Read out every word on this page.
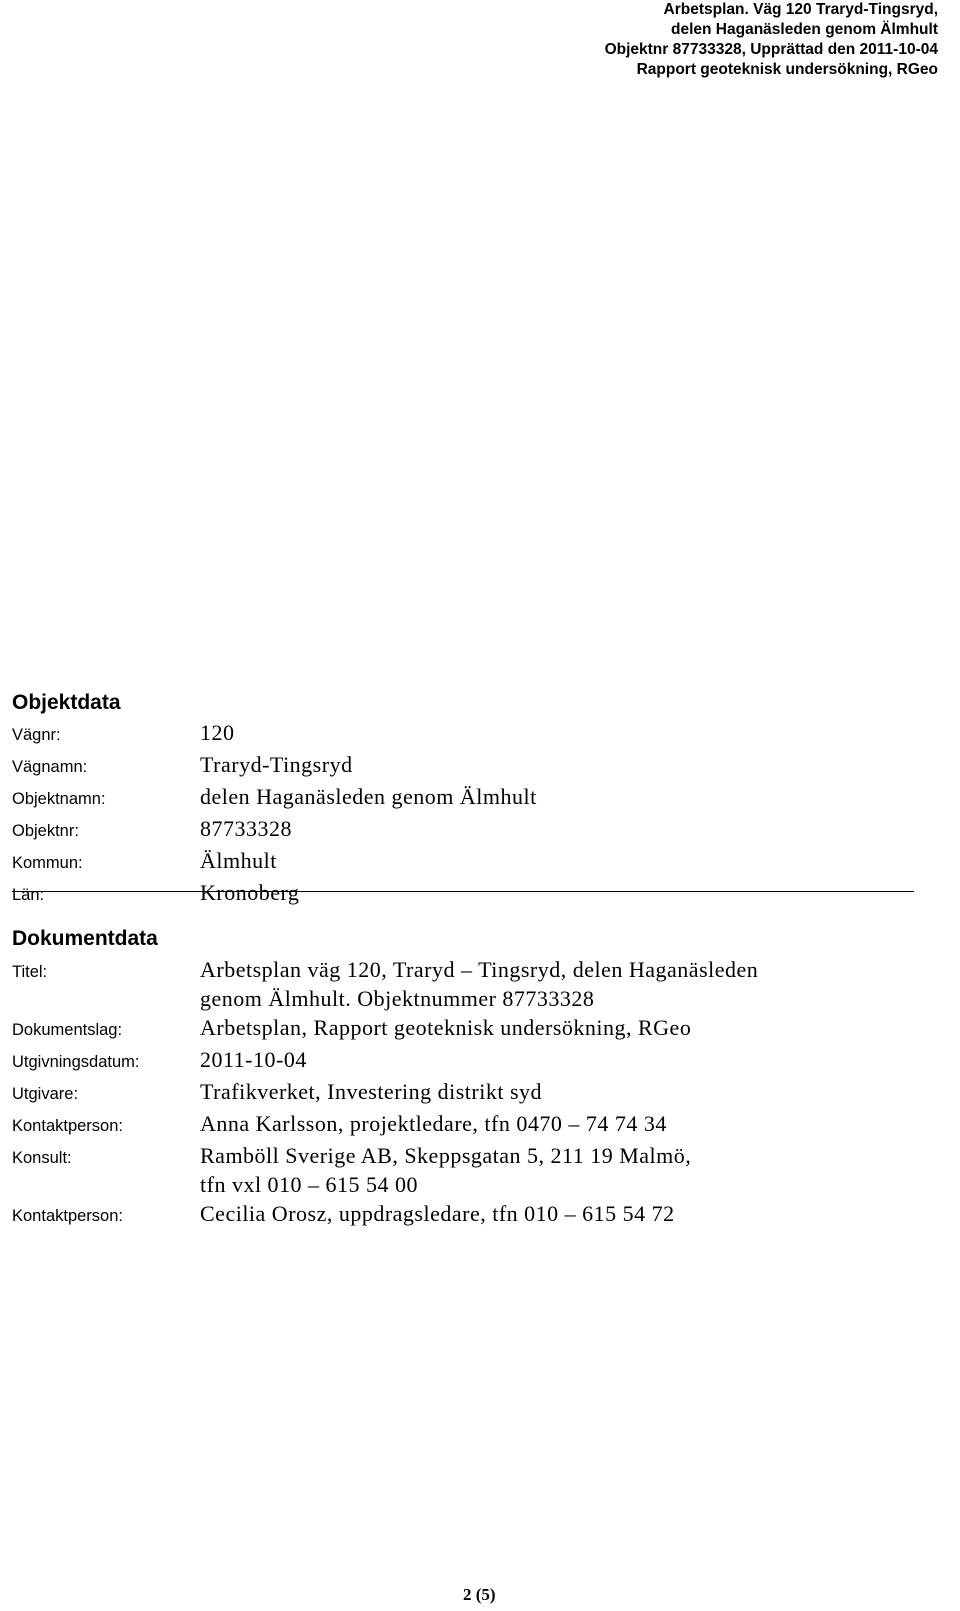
Arbetsplan. Väg 120 Traryd-Tingsryd,
delen Haganäsleden genom Älmhult
Objektnr 87733328, Upprättad den 2011-10-04
Rapport geoteknisk undersökning, RGeo
Objektdata
Vägnr:	120
Vägnamn:	Traryd-Tingsryd
Objektnamn:	delen Haganäsleden genom Älmhult
Objektnr:	87733328
Kommun:	Älmhult
Län:	Kronoberg
Dokumentdata
Titel:	Arbetsplan väg 120, Traryd – Tingsryd, delen Haganäsleden
genom Älmhult. Objektnummer 87733328
Dokumentslag:	Arbetsplan, Rapport geoteknisk undersökning, RGeo
Utgivningsdatum:	2011-10-04
Utgivare:	Trafikverket, Investering distrikt syd
Kontaktperson:	Anna Karlsson, projektledare, tfn 0470 – 74 74 34
Konsult:	Ramböll Sverige AB, Skeppsgatan 5, 211 19 Malmö,
tfn vxl 010 – 615 54 00
Kontaktperson:	Cecilia Orosz, uppdragsledare, tfn 010 – 615 54 72
2 (5)
